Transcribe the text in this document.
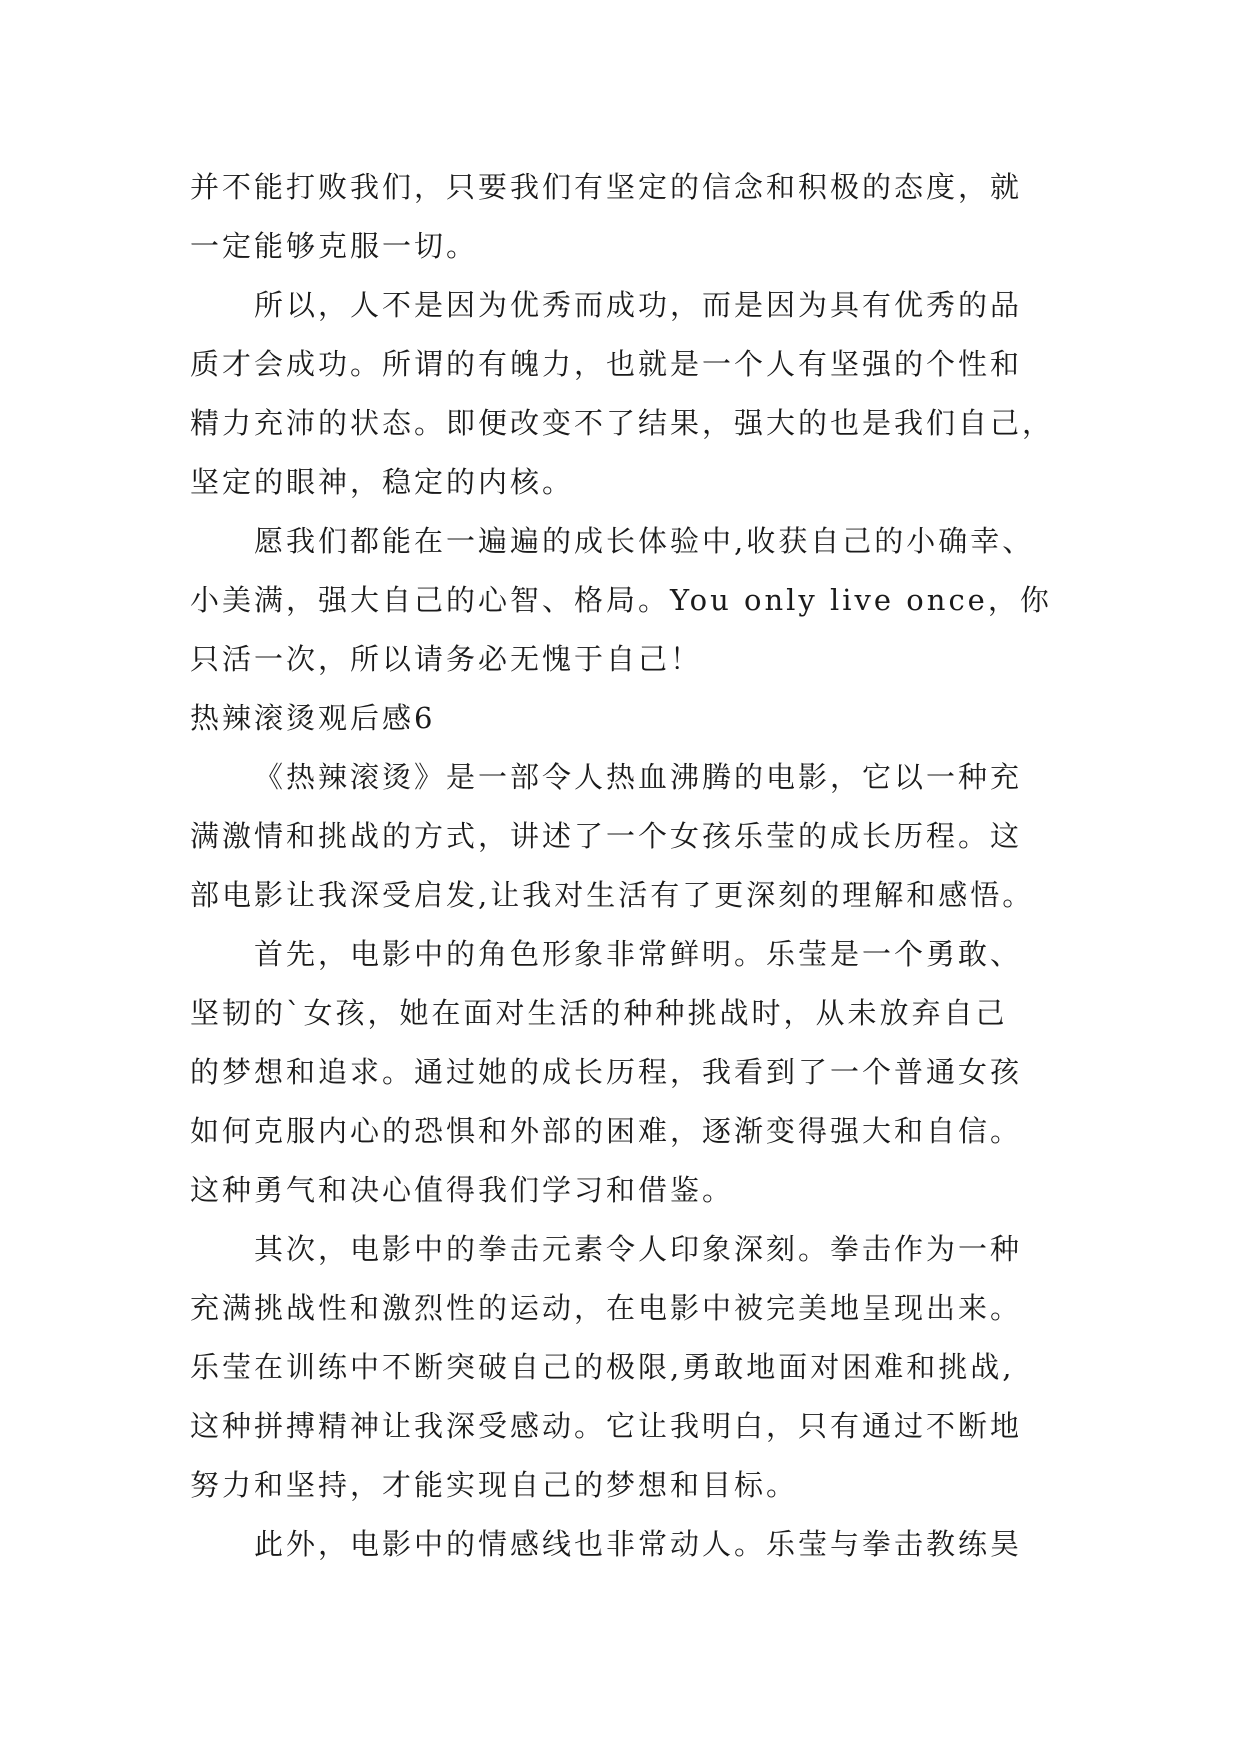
并不能打败我们，只要我们有坚定的信念和积极的态度，就
一定能够克服一切。
所以，人不是因为优秀而成功，而是因为具有优秀的品
质才会成功。所谓的有魄力，也就是一个人有坚强的个性和
精力充沛的状态。即便改变不了结果，强大的也是我们自己，
坚定的眼神，稳定的内核。
愿我们都能在一遍遍的成长体验中,收获自己的小确幸、
小美满，强大自己的心智、格局。You only live once，你
只活一次，所以请务必无愧于自己！
热辣滚烫观后感6
《热辣滚烫》是一部令人热血沸腾的电影，它以一种充
满激情和挑战的方式，讲述了一个女孩乐莹的成长历程。这
部电影让我深受启发,让我对生活有了更深刻的理解和感悟。
首先，电影中的角色形象非常鲜明。乐莹是一个勇敢、
坚韧的`女孩，她在面对生活的种种挑战时，从未放弃自己
的梦想和追求。通过她的成长历程，我看到了一个普通女孩
如何克服内心的恐惧和外部的困难，逐渐变得强大和自信。
这种勇气和决心值得我们学习和借鉴。
其次，电影中的拳击元素令人印象深刻。拳击作为一种
充满挑战性和激烈性的运动，在电影中被完美地呈现出来。
乐莹在训练中不断突破自己的极限,勇敢地面对困难和挑战,
这种拼搏精神让我深受感动。它让我明白，只有通过不断地
努力和坚持，才能实现自己的梦想和目标。
此外，电影中的情感线也非常动人。乐莹与拳击教练昊
